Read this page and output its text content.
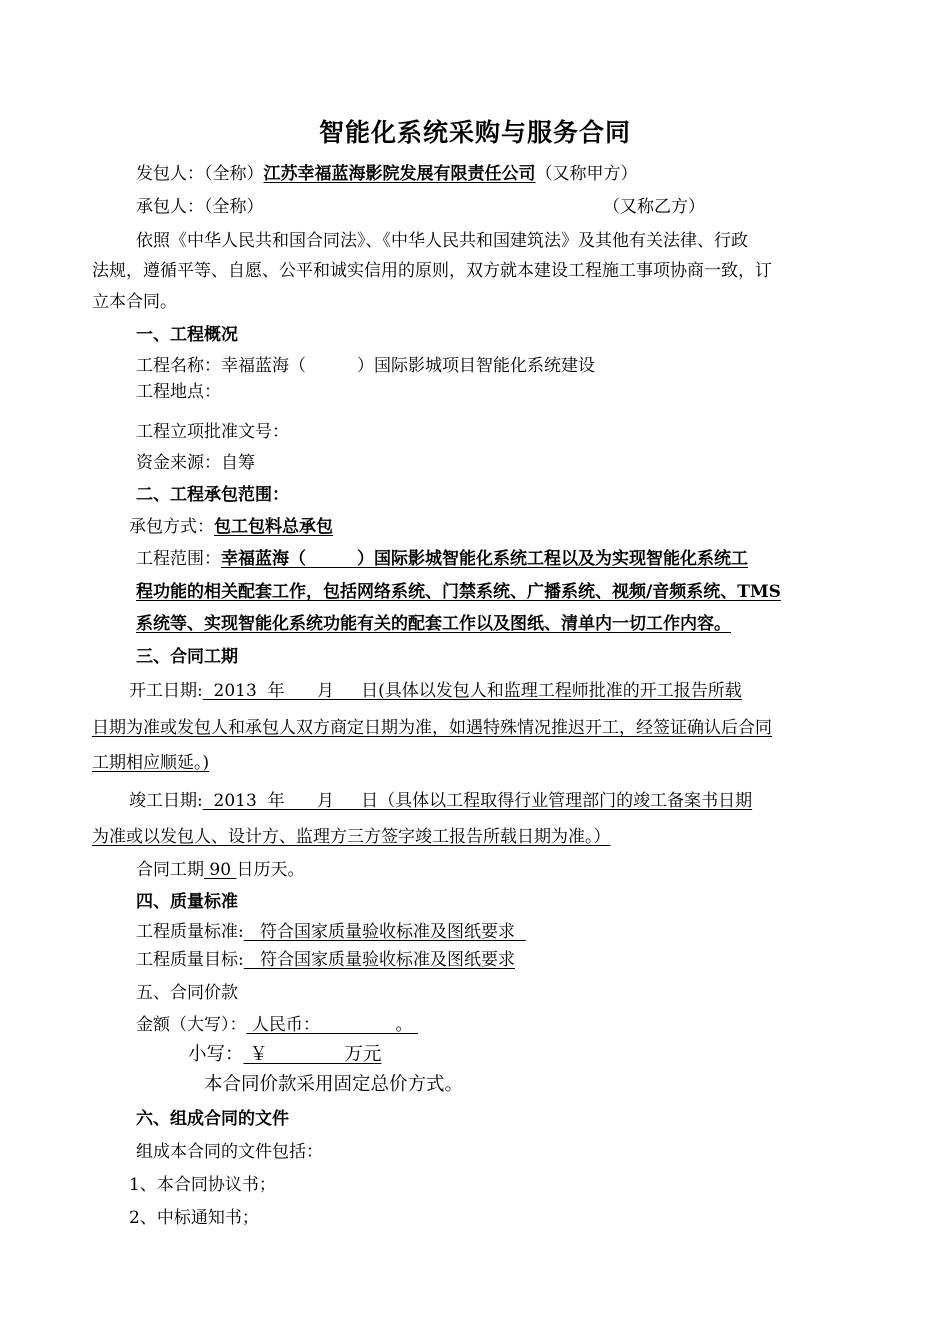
智能化系统采购与服务合同
发包人：（全称）江苏幸福蓝海影院发展有限责任公司（又称甲方）
承包人：（全称）	（又称乙方）
依照《中华人民共和国合同法》、《中华人民共和国建筑法》及其他有关法律、行政
法规，遵循平等、自愿、公平和诚实信用的原则，双方就本建设工程施工事项协商一致，订
立本合同。
一、工程概况
工程名称：幸福蓝海（　　　）国际影城项目智能化系统建设
工程地点：
工程立项批准文号：
资金来源：自筹
二、工程承包范围：
承包方式：包工包料总承包
工程范围：幸福蓝海（　　　）国际影城智能化系统工程以及为实现智能化系统工
程功能的相关配套工作，包括网络系统、门禁系统、广播系统、视频/音频系统、TMS
系统等、实现智能化系统功能有关的配套工作以及图纸、清单内一切工作内容。
三、合同工期
开工日期:  2013  年      月     日(具体以发包人和监理工程师批准的开工报告所载
日期为准或发包人和承包人双方商定日期为准，如遇特殊情况推迟开工，经签证确认后合同
工期相应顺延。)
竣工日期:  2013  年      月     日（具体以工程取得行业管理部门的竣工备案书日期
为准或以发包人、设计方、监理方三方签字竣工报告所载日期为准。）
合同工期 90 日历天。
四、质量标准
工程质量标准:   符合国家质量验收标准及图纸要求
工程质量目标:   符合国家质量验收标准及图纸要求
五、合同价款
金额（大写）： 人民币：              。
小写： ￥             万元
本合同价款采用固定总价方式。
六、组成合同的文件
组成本合同的文件包括：
1、本合同协议书；
2、中标通知书；
